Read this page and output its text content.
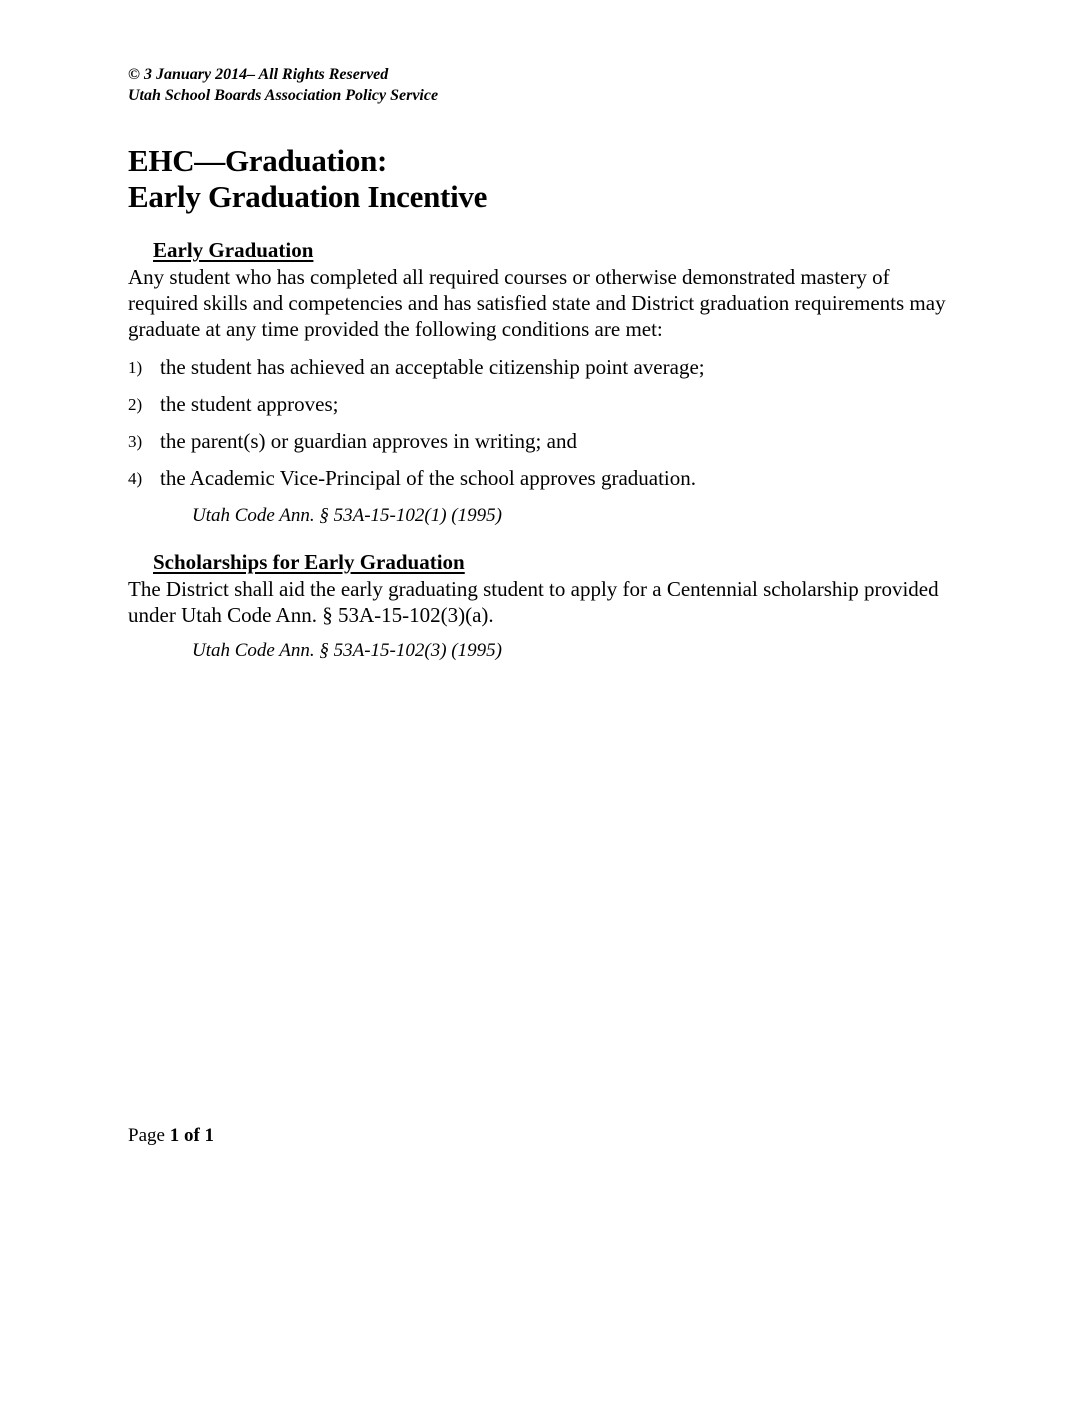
© 3 January 2014– All Rights Reserved
Utah School Boards Association Policy Service
EHC—Graduation:
Early Graduation Incentive
Early Graduation

Any student who has completed all required courses or otherwise demonstrated mastery of required skills and competencies and has satisfied state and District graduation requirements may graduate at any time provided the following conditions are met:

1) the student has achieved an acceptable citizenship point average;
2) the student approves;
3) the parent(s) or guardian approves in writing; and
4) the Academic Vice-Principal of the school approves graduation.

Utah Code Ann. § 53A-15-102(1) (1995)

Scholarships for Early Graduation

The District shall aid the early graduating student to apply for a Centennial scholarship provided under Utah Code Ann. § 53A-15-102(3)(a).

Utah Code Ann. § 53A-15-102(3) (1995)

Page 1 of 1
